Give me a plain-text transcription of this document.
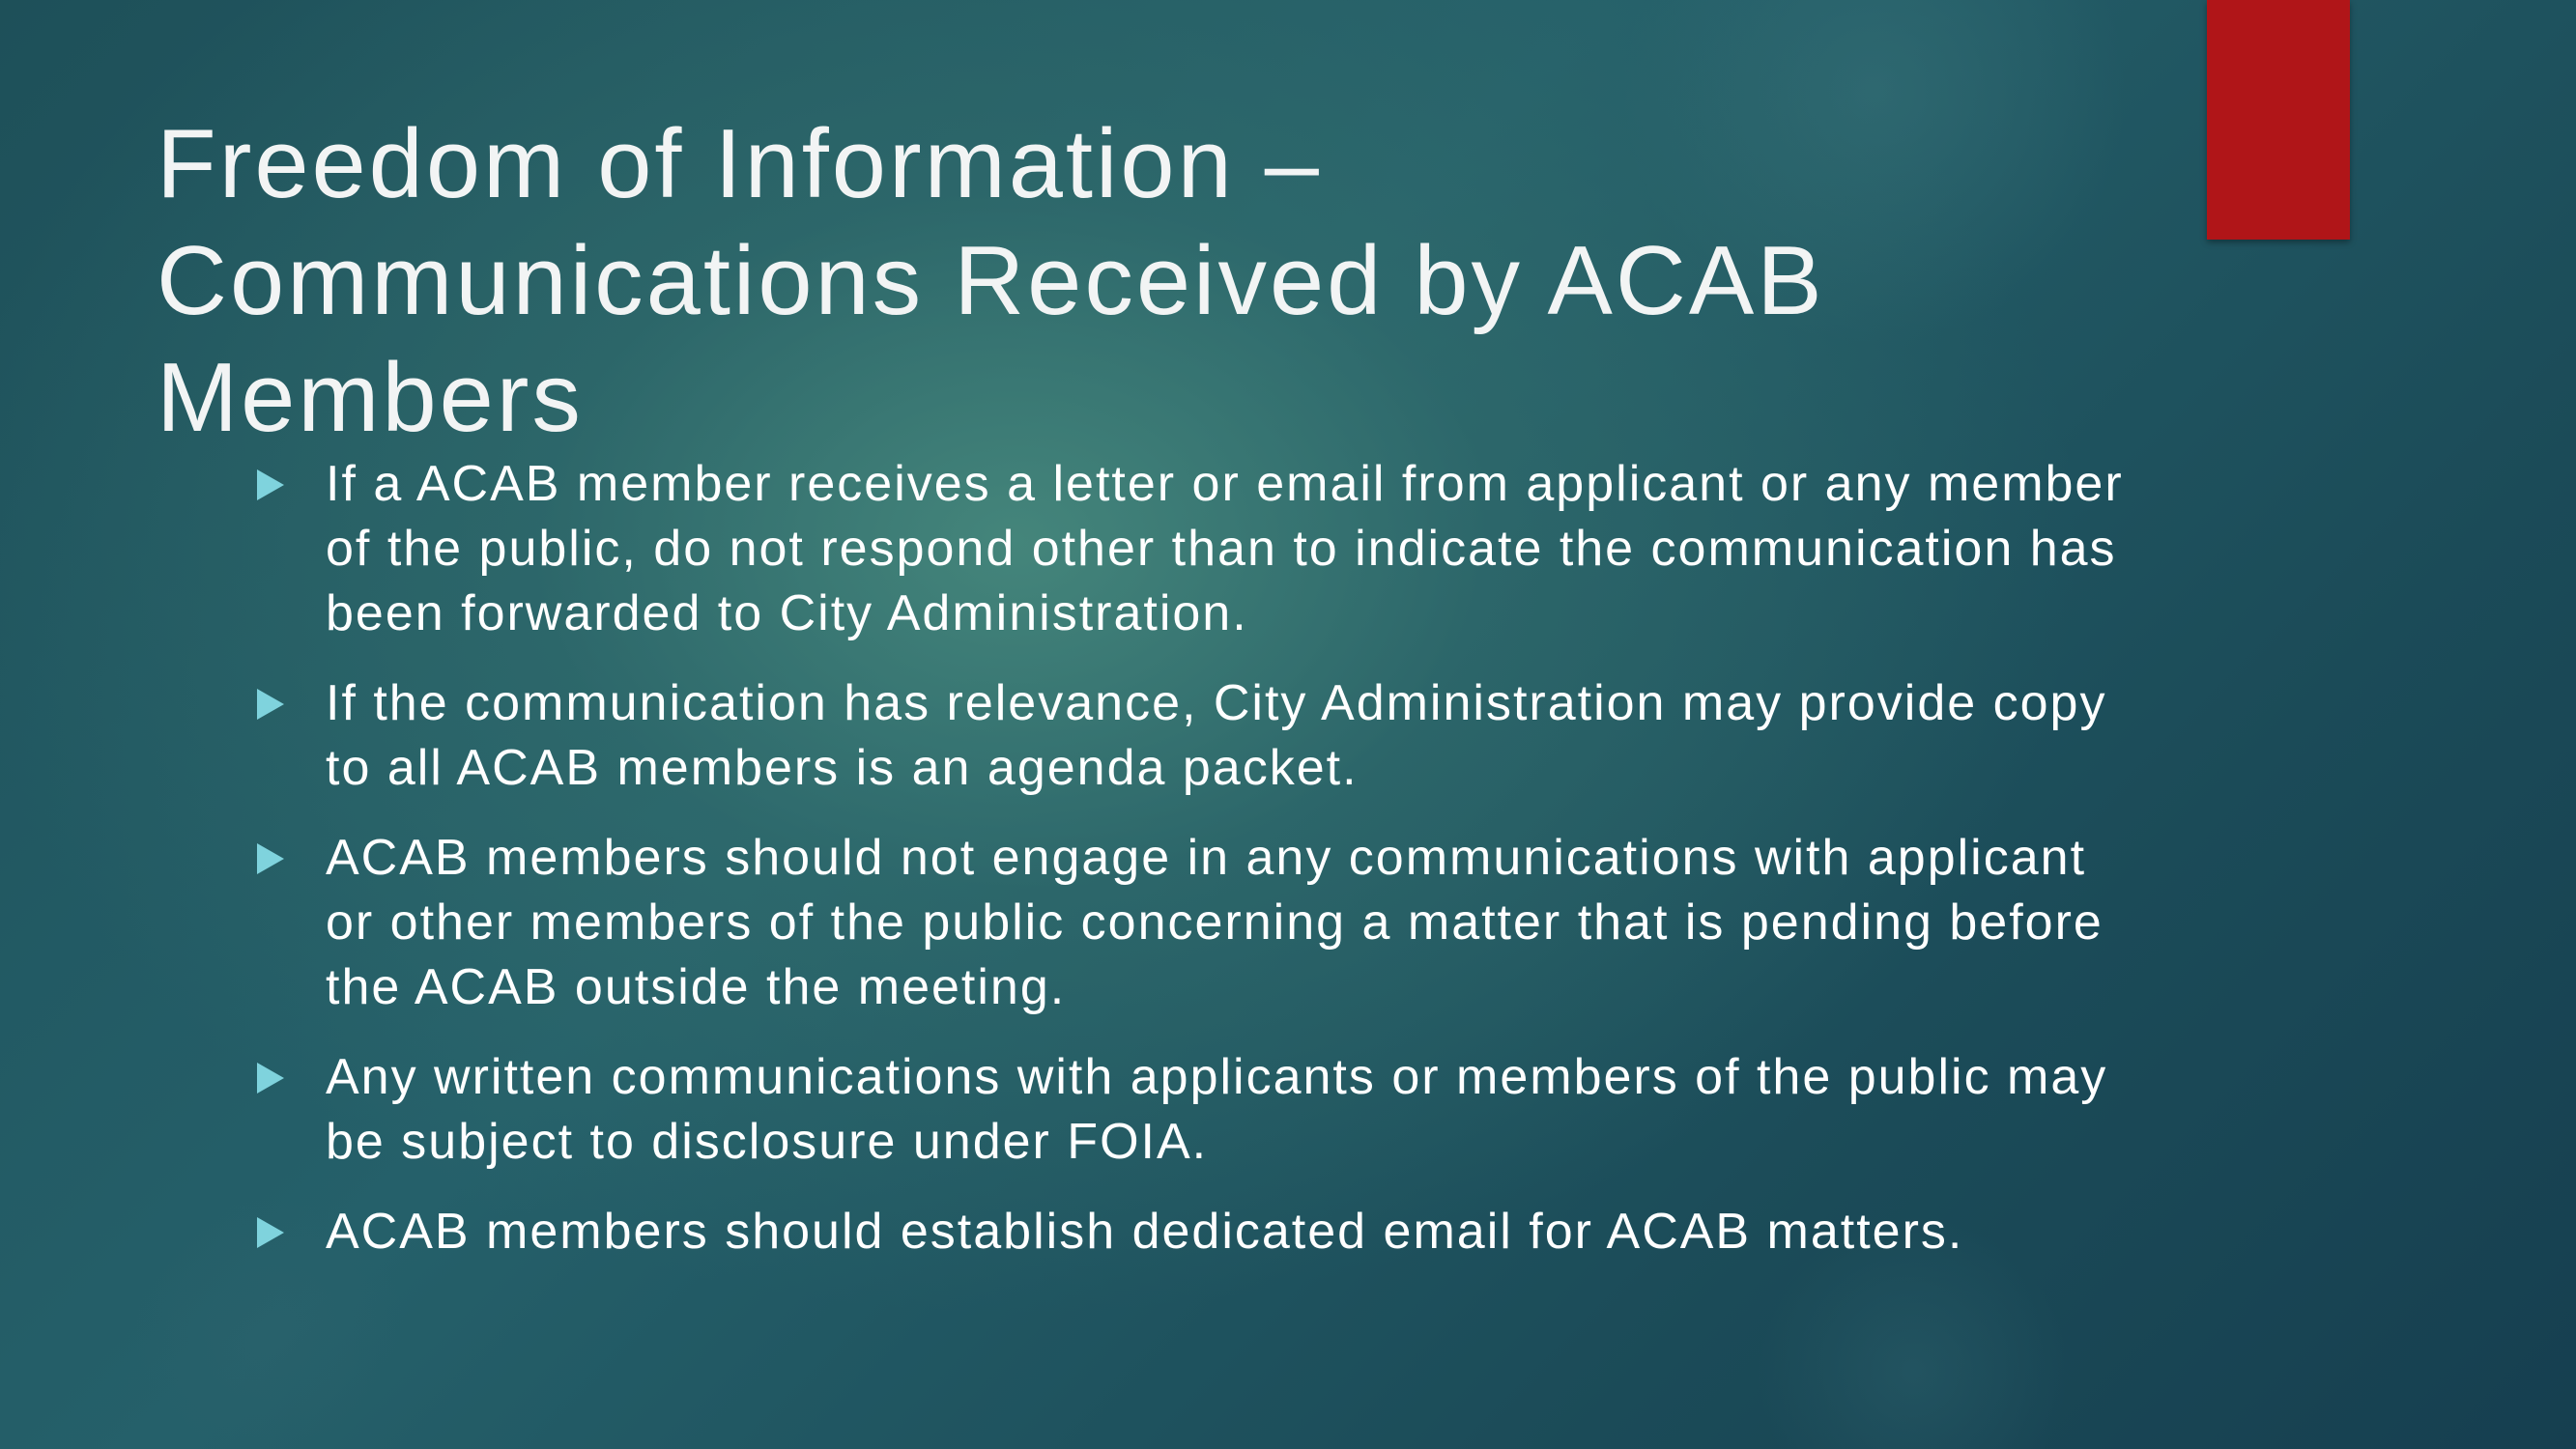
Freedom of Information –
Communications Received by ACAB
Members
If a ACAB member receives a letter or email from applicant or any member of the public, do not respond other than to indicate the communication has been forwarded to City Administration.
If the communication has relevance, City Administration may provide copy to all ACAB members is an agenda packet.
ACAB members should not engage in any communications with applicant or other members of the public concerning a matter that is pending before the ACAB outside the meeting.
Any written communications with applicants or members of the public may be subject to disclosure under FOIA.
ACAB members should establish dedicated email for ACAB matters.
